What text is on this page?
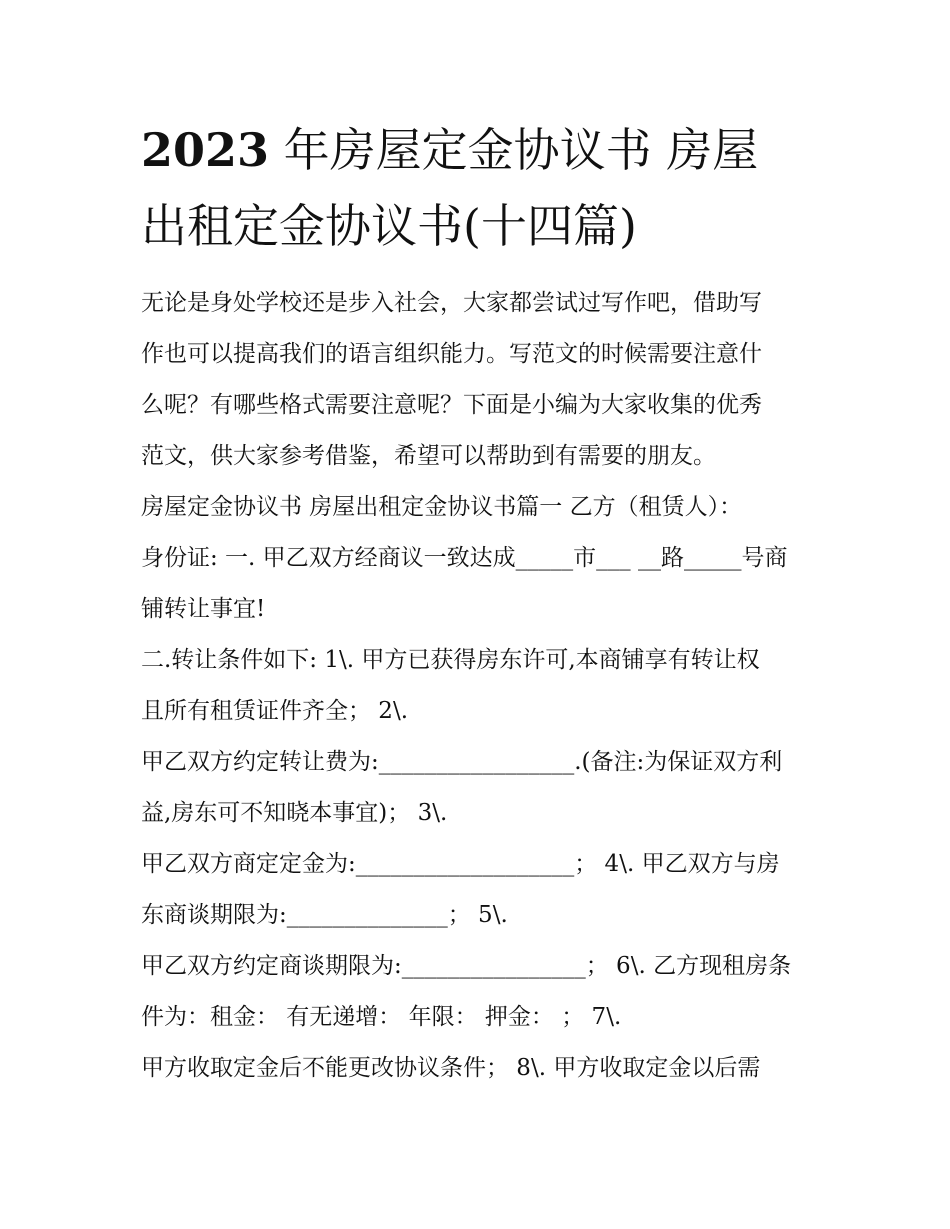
2023 年房屋定金协议书 房屋
出租定金协议书(十四篇)
无论是身处学校还是步入社会，大家都尝试过写作吧，借助写
作也可以提高我们的语言组织能力。写范文的时候需要注意什
么呢？有哪些格式需要注意呢？下面是小编为大家收集的优秀
范文，供大家参考借鉴，希望可以帮助到有需要的朋友。
房屋定金协议书 房屋出租定金协议书篇一 乙方（租赁人）：
身份证: 一. 甲乙双方经商议一致达成_____市___ __路_____号商
铺转让事宜!
二.转让条件如下: 1\. 甲方已获得房东许可,本商铺享有转让权
且所有租赁证件齐全； 2\.
甲乙双方约定转让费为:_________________.(备注:为保证双方利
益,房东可不知晓本事宜)； 3\.
甲乙双方商定定金为:___________________； 4\. 甲乙双方与房
东商谈期限为:______________； 5\.
甲乙双方约定商谈期限为:________________； 6\. 乙方现租房条
件为：租金： 有无递增： 年限： 押金： ； 7\.
甲方收取定金后不能更改协议条件； 8\. 甲方收取定金以后需
